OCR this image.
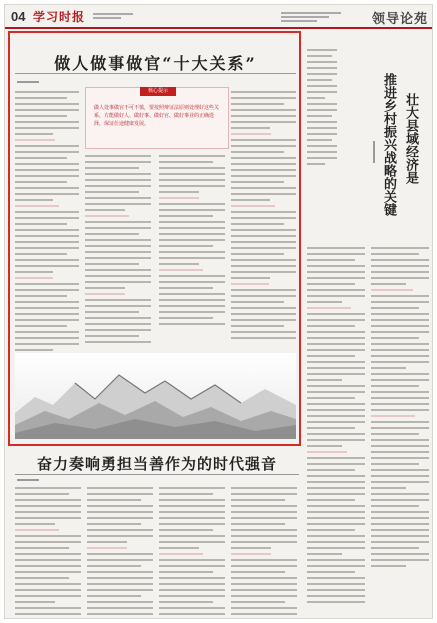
04 学习时报	领导论苑
做人做事做官“十大关系”
核心提示
做人处事做官不可不慎，要按照辩证法原则处理好这些关系，方能做好人、做好事、做好官、做好事业的正确选择，保证仕途健康发展。	推进乡村振兴战略的关键 壮大县域经济是
奋力奏响勇担当善作为的时代强音
